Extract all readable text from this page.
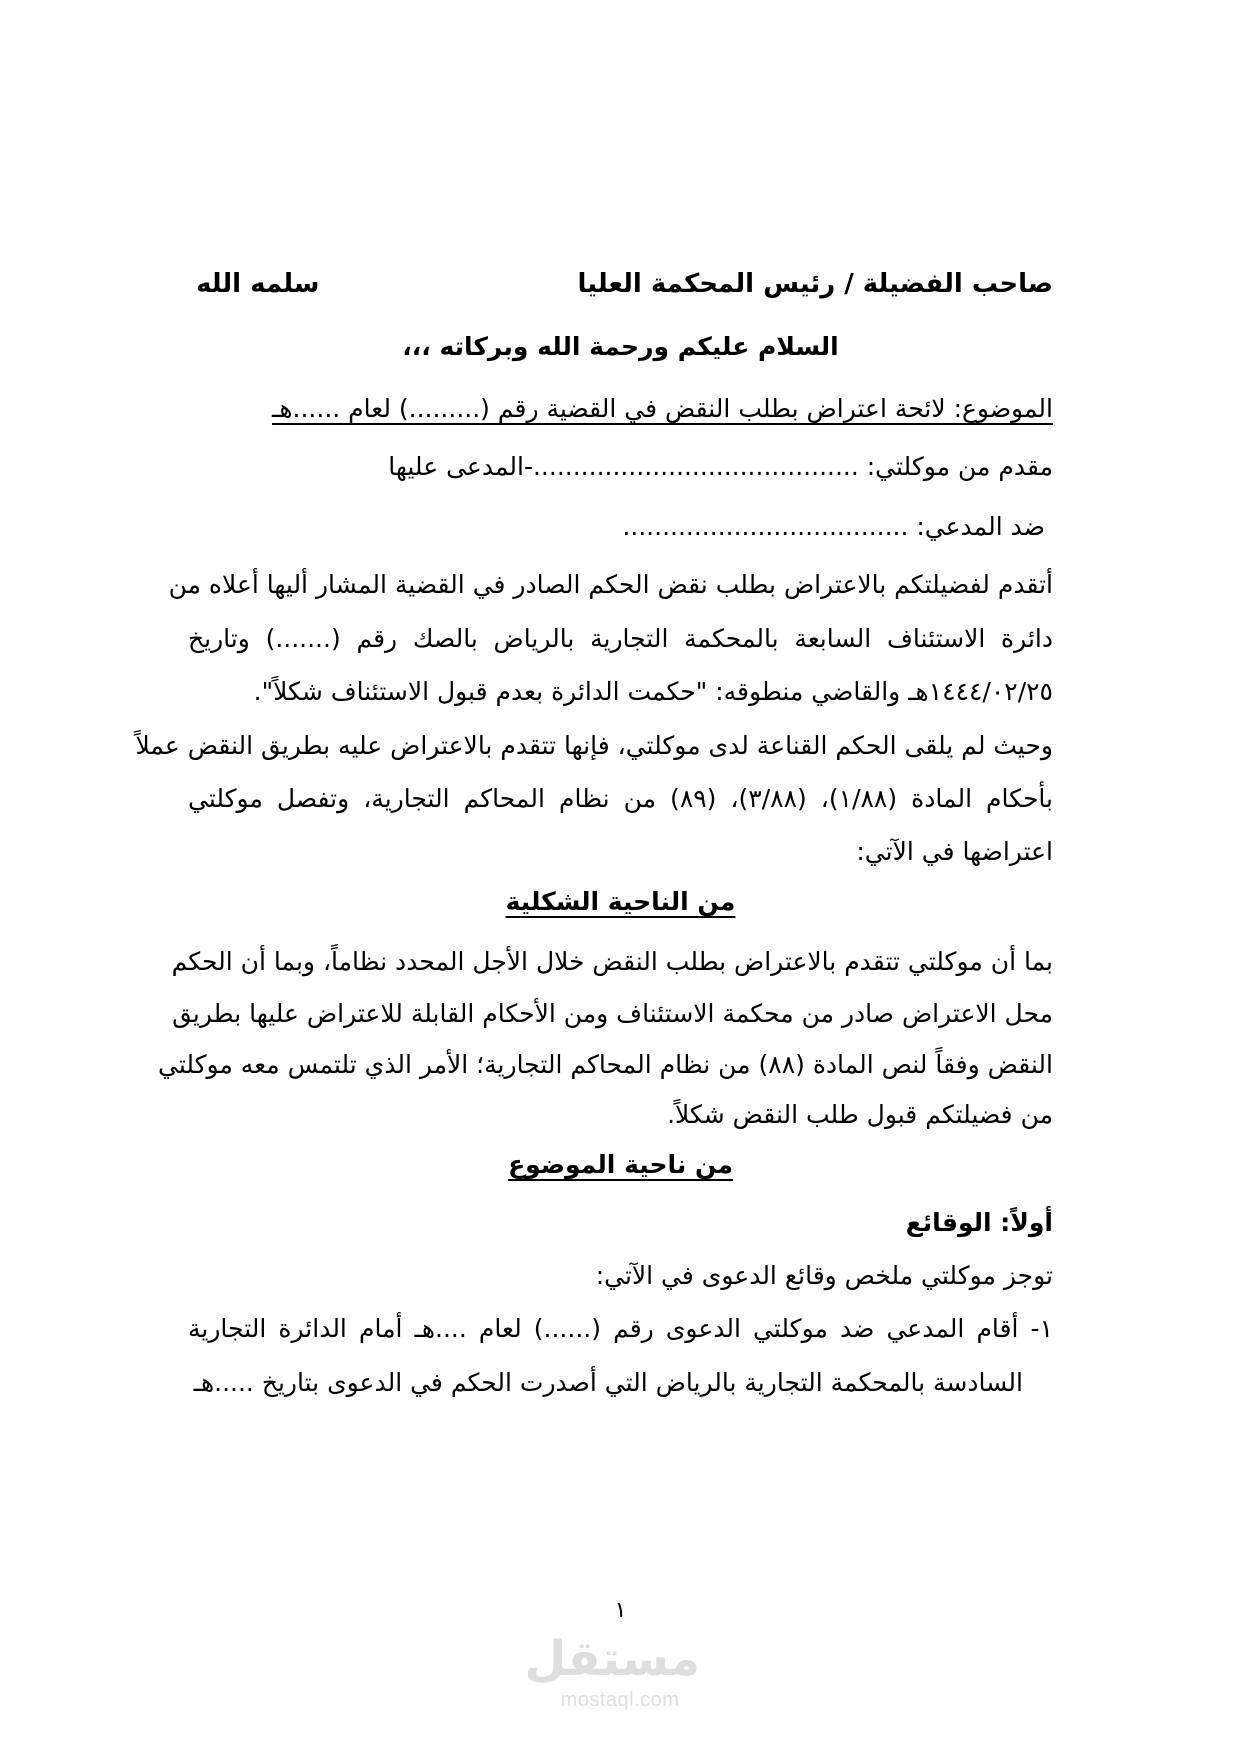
صاحب الفضيلة / رئيس المحكمة العليا
سلمه الله
السلام عليكم ورحمة الله وبركاته ،،،
الموضوع: لائحة اعتراض بطلب النقض في القضية رقم (.........) لعام ......هـ
مقدم من موكلتي: .........................................-المدعى عليها
ضد المدعي: ....................................
أتقدم لفضيلتكم بالاعتراض بطلب نقض الحكم الصادر في القضية المشار أليها أعلاه من
دائرة الاستئناف السابعة بالمحكمة التجارية بالرياض بالصك رقم (.......) وتاريخ
١٤٤٤/٠٢/٢٥هـ والقاضي منطوقه: "حكمت الدائرة بعدم قبول الاستئناف شكلاً".
وحيث لم يلقى الحكم القناعة لدى موكلتي، فإنها تتقدم بالاعتراض عليه بطريق النقض عملاً
بأحكام المادة (١/٨٨)، (٣/٨٨)، (٨٩) من نظام المحاكم التجارية، وتفصل موكلتي
اعتراضها في الآتي:
من الناحية الشكلية
بما أن موكلتي تتقدم بالاعتراض بطلب النقض خلال الأجل المحدد نظاماً، وبما أن الحكم
محل الاعتراض صادر من محكمة الاستئناف ومن الأحكام القابلة للاعتراض عليها بطريق
النقض وفقاً لنص المادة (٨٨) من نظام المحاكم التجارية؛ الأمر الذي تلتمس معه موكلتي
من فضيلتكم قبول طلب النقض شكلاً.
من ناحية الموضوع
أولاً: الوقائع
توجز موكلتي ملخص وقائع الدعوى في الآتي:
١- أقام المدعي ضد موكلتي الدعوى رقم (......) لعام ....هـ أمام الدائرة التجارية
السادسة بالمحكمة التجارية بالرياض التي أصدرت الحكم في الدعوى بتاريخ .....هـ
١
مستقل
mostaql.com
